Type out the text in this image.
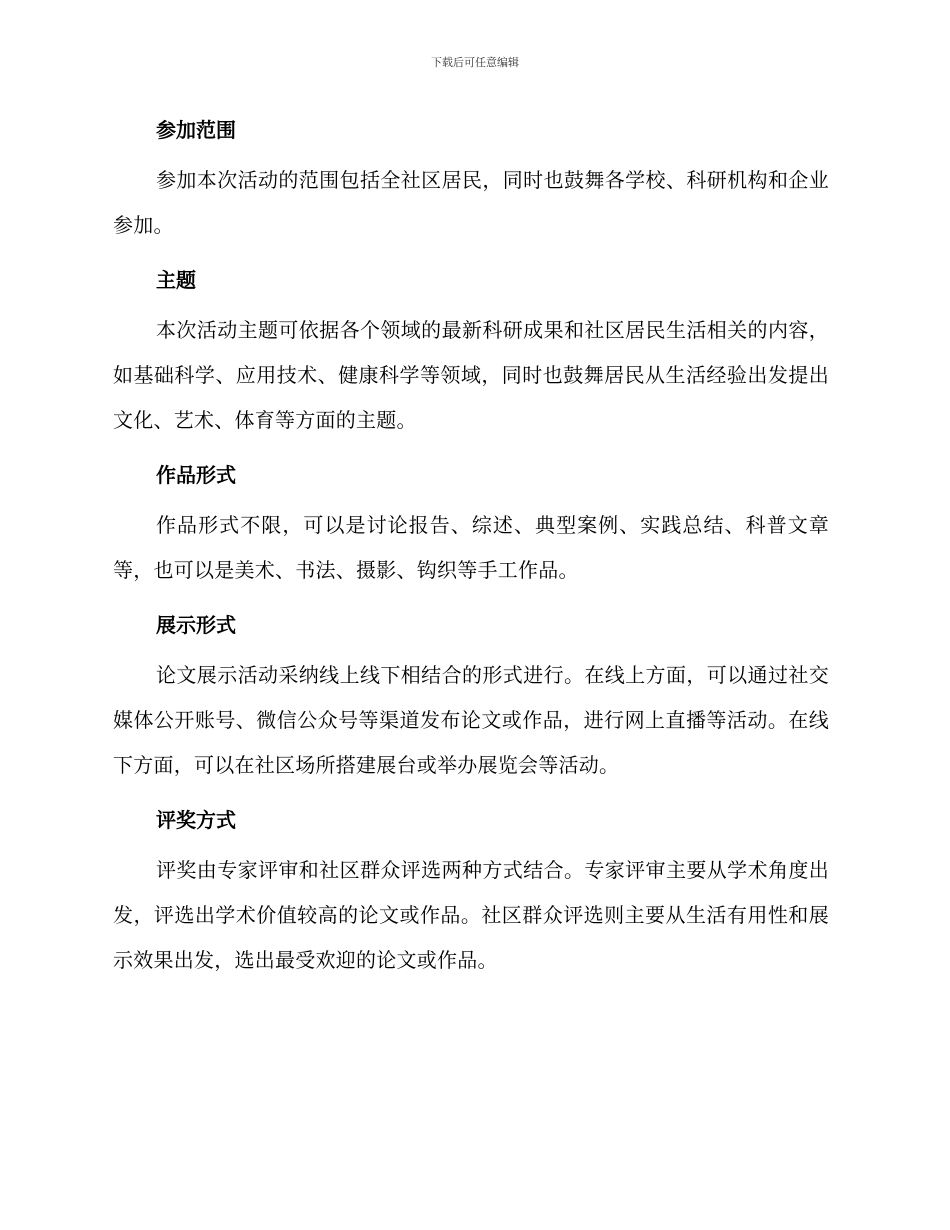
下载后可任意编辑
参加范围
参加本次活动的范围包括全社区居民，同时也鼓舞各学校、科研机构和企业参加。
主题
本次活动主题可依据各个领域的最新科研成果和社区居民生活相关的内容，如基础科学、应用技术、健康科学等领域，同时也鼓舞居民从生活经验出发提出文化、艺术、体育等方面的主题。
作品形式
作品形式不限，可以是讨论报告、综述、典型案例、实践总结、科普文章等，也可以是美术、书法、摄影、钩织等手工作品。
展示形式
论文展示活动采纳线上线下相结合的形式进行。在线上方面，可以通过社交媒体公开账号、微信公众号等渠道发布论文或作品，进行网上直播等活动。在线下方面，可以在社区场所搭建展台或举办展览会等活动。
评奖方式
评奖由专家评审和社区群众评选两种方式结合。专家评审主要从学术角度出发，评选出学术价值较高的论文或作品。社区群众评选则主要从生活有用性和展示效果出发，选出最受欢迎的论文或作品。
